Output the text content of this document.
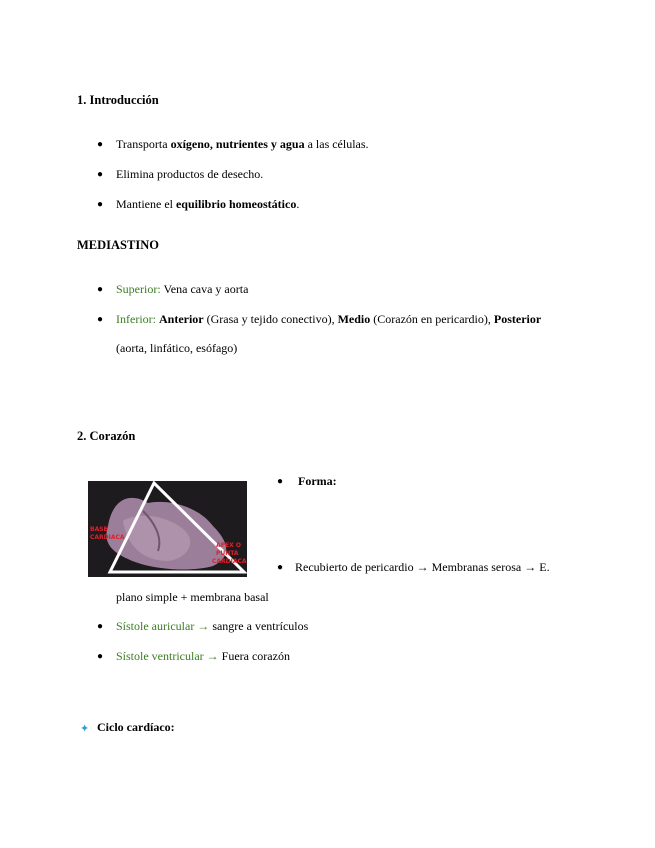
1. Introducción
● Transporta oxígeno, nutrientes y agua a las células.
● Elimina productos de desecho.
● Mantiene el equilibrio homeostático.
MEDIASTINO
● Superior: Vena cava y aorta
● Inferior: Anterior (Grasa y tejido conectivo), Medio (Corazón en pericardio), Posterior
(aorta, linfático, esófago)
2. Corazón
BASE
CARDIACA
ÁPEX O
PUNTA
CARDIACA
● Forma:
● Recubierto de pericardio → Membranas serosa → E.
plano simple + membrana basal
● Sístole auricular → sangre a ventrículos
● Sístole ventricular → Fuera corazón
✦ Ciclo cardíaco:
